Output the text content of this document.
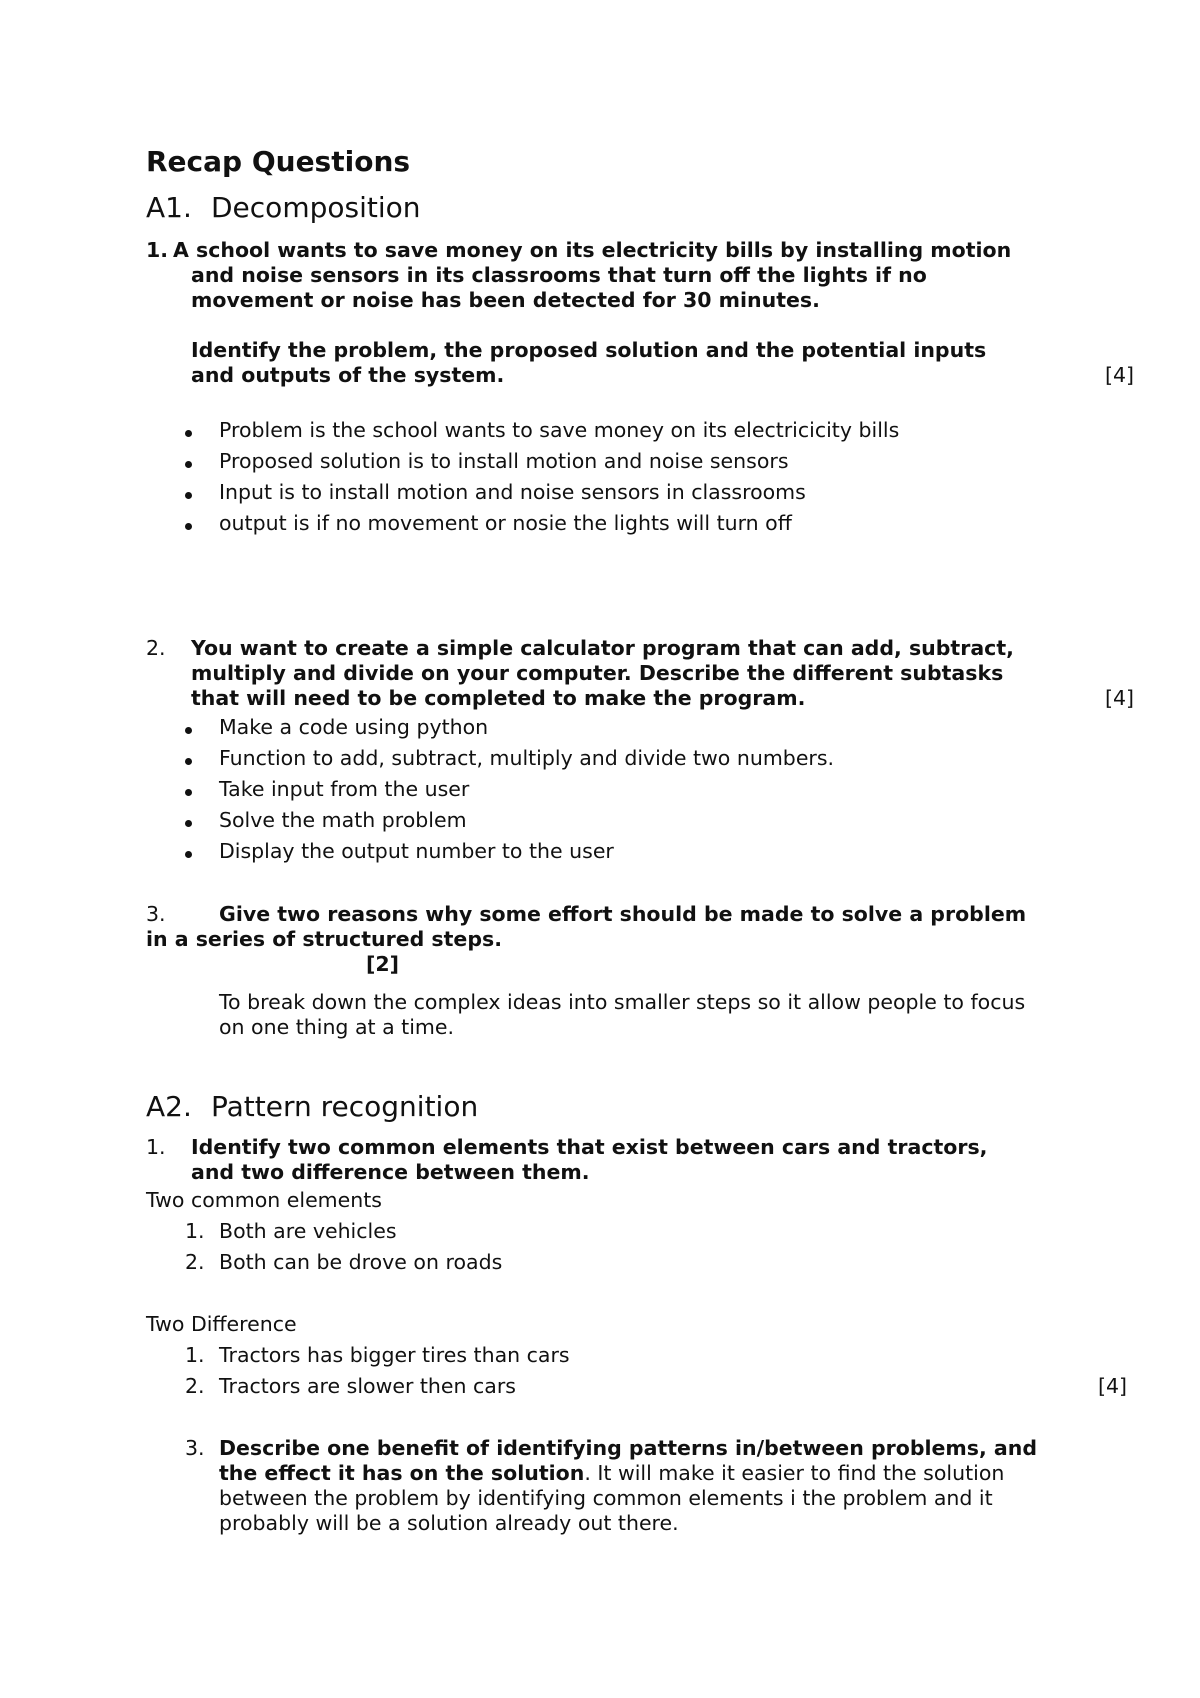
Recap Questions
A1. Decomposition
1. A school wants to save money on its electricity bills by installing motion
and noise sensors in its classrooms that turn off the lights if no
movement or noise has been detected for 30 minutes.
Identify the problem, the proposed solution and the potential inputs
and outputs of the system.	[4]
Problem is the school wants to save money on its electricicity bills
Proposed solution is to install motion and noise sensors
Input is to install motion and noise sensors in classrooms
output is if no movement or nosie the lights will turn off
2. You want to create a simple calculator program that can add, subtract,
multiply and divide on your computer. Describe the different subtasks
that will need to be completed to make the program.	[4]
Make a code using python
Function to add, subtract, multiply and divide two numbers.
Take input from the user
Solve the math problem
Display the output number to the user
3.	Give two reasons why some effort should be made to solve a problem
in a series of structured steps.
[2]
To break down the complex ideas into smaller steps so it allow people to focus
on one thing at a time.
A2. Pattern recognition
1. Identify two common elements that exist between cars and tractors,
and two difference between them.
Two common elements
1. Both are vehicles
2. Both can be drove on roads
Two Difference
1. Tractors has bigger tires than cars
2. Tractors are slower then cars	[4]
3. Describe one benefit of identifying patterns in/between problems, and
the effect it has on the solution. It will make it easier to find the solution
between the problem by identifying common elements i the problem and it
probably will be a solution already out there.
